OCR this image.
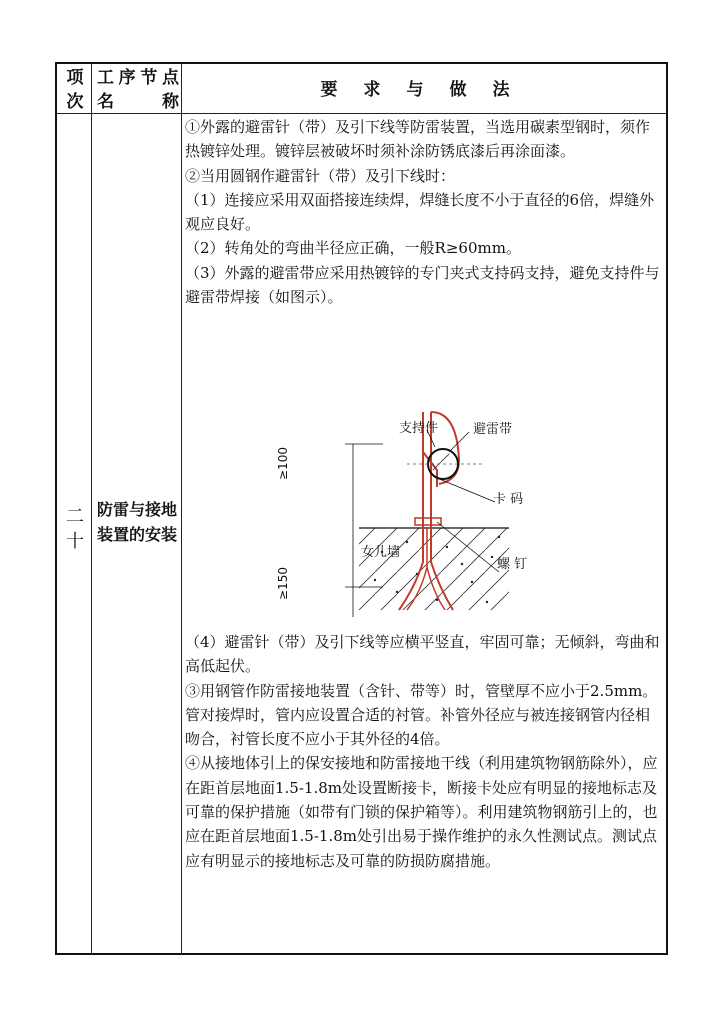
项次
工序节点名称
要求与做法
二十
防雷与接地装置的安装

①外露的避雷针（带）及引下线等防雷装置，当选用碳素型钢时，须作热镀锌处理。镀锌层被破坏时须补涂防锈底漆后再涂面漆。

②当用圆钢作避雷针（带）及引下线时：

（1）连接应采用双面搭接连续焊，焊缝长度不小于直径的6倍，焊缝外观应良好。

（2）转角处的弯曲半径应正确，一般R≥60mm。

（3）外露的避雷带应采用热镀锌的专门夹式支持码支持，避免支持件与避雷带焊接（如图示）。

支持件	避雷带
卡 码
女儿墙
螺 钉

（4）避雷针（带）及引下线等应横平竖直，牢固可靠；无倾斜，弯曲和高低起伏。

③用钢管作防雷接地装置（含针、带等）时，管壁厚不应小于2.5mm。管对接焊时，管内应设置合适的衬管。补管外径应与被连接钢管内径相吻合，衬管长度不应小于其外径的4倍。

④从接地体引上的保安接地和防雷接地干线（利用建筑物钢筋除外），应在距首层地面1.5-1.8m处设置断接卡，断接卡处应有明显的接地标志及可靠的保护措施（如带有门锁的保护箱等）。利用建筑物钢筋引上的，也应在距首层地面1.5-1.8m处引出易于操作维护的永久性测试点。测试点应有明显示的接地标志及可靠的防损防腐措施。

≥100
≥150
